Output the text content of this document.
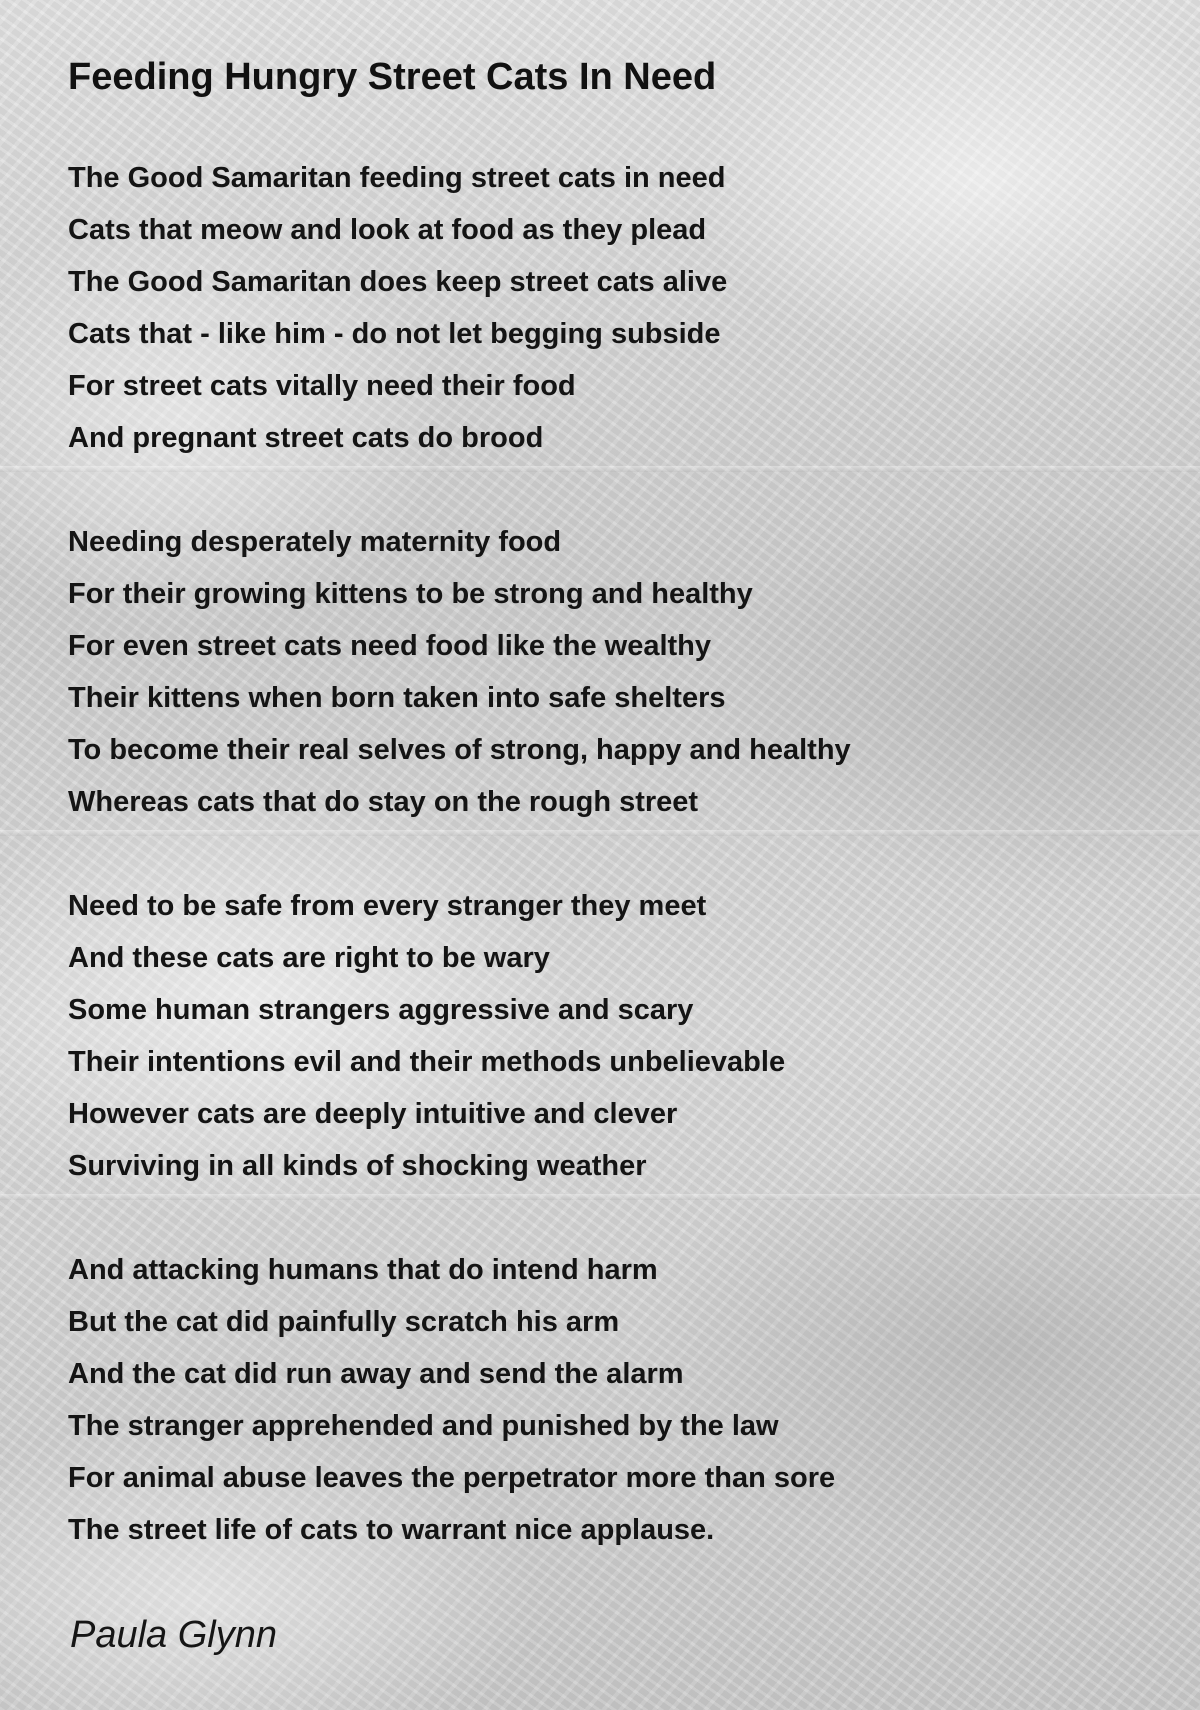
Feeding Hungry Street Cats In Need
The Good Samaritan feeding street cats in need
Cats that meow and look at food as they plead
The Good Samaritan does keep street cats alive
Cats that - like him - do not let begging subside
For street cats vitally need their food
And pregnant street cats do brood
Needing desperately maternity food
For their growing kittens to be strong and healthy
For even street cats need food like the wealthy
Their kittens when born taken into safe shelters
To become their real selves of strong, happy and healthy
Whereas cats that do stay on the rough street
Need to be safe from every stranger they meet
And these cats are right to be wary
Some human strangers aggressive and scary
Their intentions evil and their methods unbelievable
However cats are deeply intuitive and clever
Surviving in all kinds of shocking weather
And attacking humans that do intend harm
But the cat did painfully scratch his arm
And the cat did run away and send the alarm
The stranger apprehended and punished by the law
For animal abuse leaves the perpetrator more than sore
The street life of cats to warrant nice applause.
Paula Glynn
